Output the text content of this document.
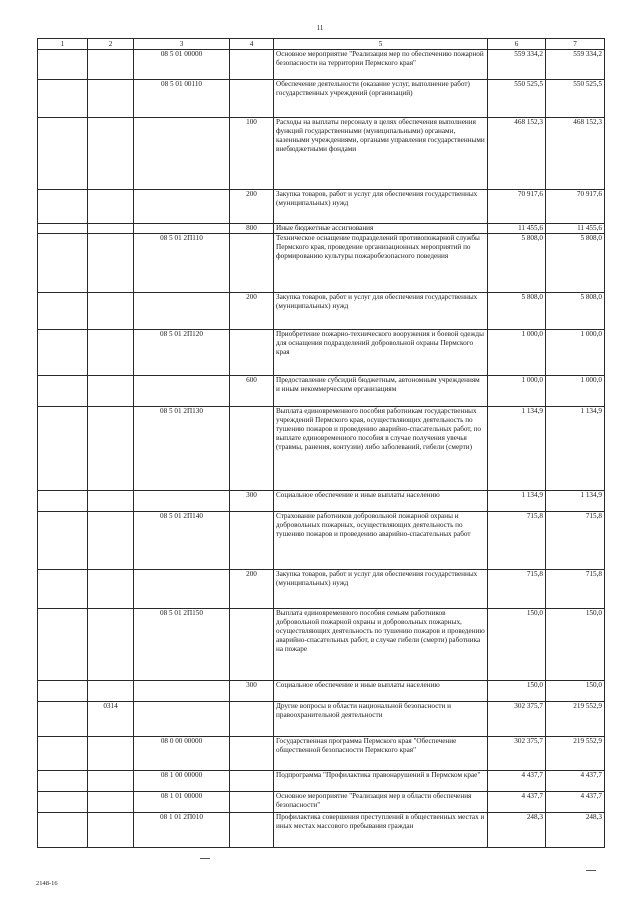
11
1	2	3	4	5	6	7
		08 5 01 00000		Основное мероприятие "Реализация мер по обеспечению пожарной безопасности на территории Пермского края"	559 334,2	559 334,2
		08 5 01 00110		Обеспечение деятельности (оказание услуг, выполнение работ) государственных учреждений (организаций)	550 525,5	550 525,5
			100	Расходы на выплаты персоналу в целях обеспечения выполнения функций государственными (муниципальными) органами, казенными учреждениями, органами управления государственными внебюджетными фондами	468 152,3	468 152,3
			200	Закупка товаров, работ и услуг для обеспечения государственных (муниципальных) нужд	70 917,6	70 917,6
			800	Иные бюджетные ассигнования	11 455,6	11 455,6
		08 5 01 2П110		Техническое оснащение подразделений противопожарной службы Пермского края, проведение организационных мероприятий по формированию культуры пожаробезопасного поведения	5 808,0	5 808,0
			200	Закупка товаров, работ и услуг для обеспечения государственных (муниципальных) нужд	5 808,0	5 808,0
		08 5 01 2П120		Приобретение пожарно-технического вооружения и боевой одежды для оснащения подразделений добровольной охраны Пермского края	1 000,0	1 000,0
			600	Предоставление субсидий бюджетным, автономным учреждениям и иным некоммерческим организациям	1 000,0	1 000,0
		08 5 01 2П130		Выплата единовременного пособия работникам государственных учреждений Пермского края, осуществляющих деятельность по тушению пожаров и проведению аварийно-спасательных работ, по выплате единовременного пособия в случае получения увечья (травмы, ранения, контузии) либо заболеваний, гибели (смерти)	1 134,9	1 134,9
			300	Социальное обеспечение и иные выплаты населению	1 134,9	1 134,9
		08 5 01 2П140		Страхование работников добровольной пожарной охраны и добровольных пожарных, осуществляющих деятельность по тушению пожаров и проведению аварийно-спасательных работ	715,8	715,8
			200	Закупка товаров, работ и услуг для обеспечения государственных (муниципальных) нужд	715,8	715,8
		08 5 01 2П150		Выплата единовременного пособия семьям работников добровольной пожарной охраны и добровольных пожарных, осуществляющих деятельность по тушению пожаров и проведению аварийно-спасательных работ, в случае гибели (смерти) работника на пожаре	150,0	150,0
			300	Социальное обеспечение и иные выплаты населению	150,0	150,0
	0314			Другие вопросы в области национальной безопасности и правоохранительной деятельности	302 375,7	219 552,9
		08 0 00 00000		Государственная программа Пермского края "Обеспечение общественной безопасности Пермского края"	302 375,7	219 552,9
		08 1 00 00000		Подпрограмма "Профилактика правонарушений в Пермском крае"	4 437,7	4 437,7
		08 1 01 00000		Основное мероприятие "Реализация мер в области обеспечения безопасности"	4 437,7	4 437,7
		08 1 01 2П010		Профилактика совершения преступлений в общественных местах и иных местах массового пребывания граждан	248,3	248,3
2148-16
